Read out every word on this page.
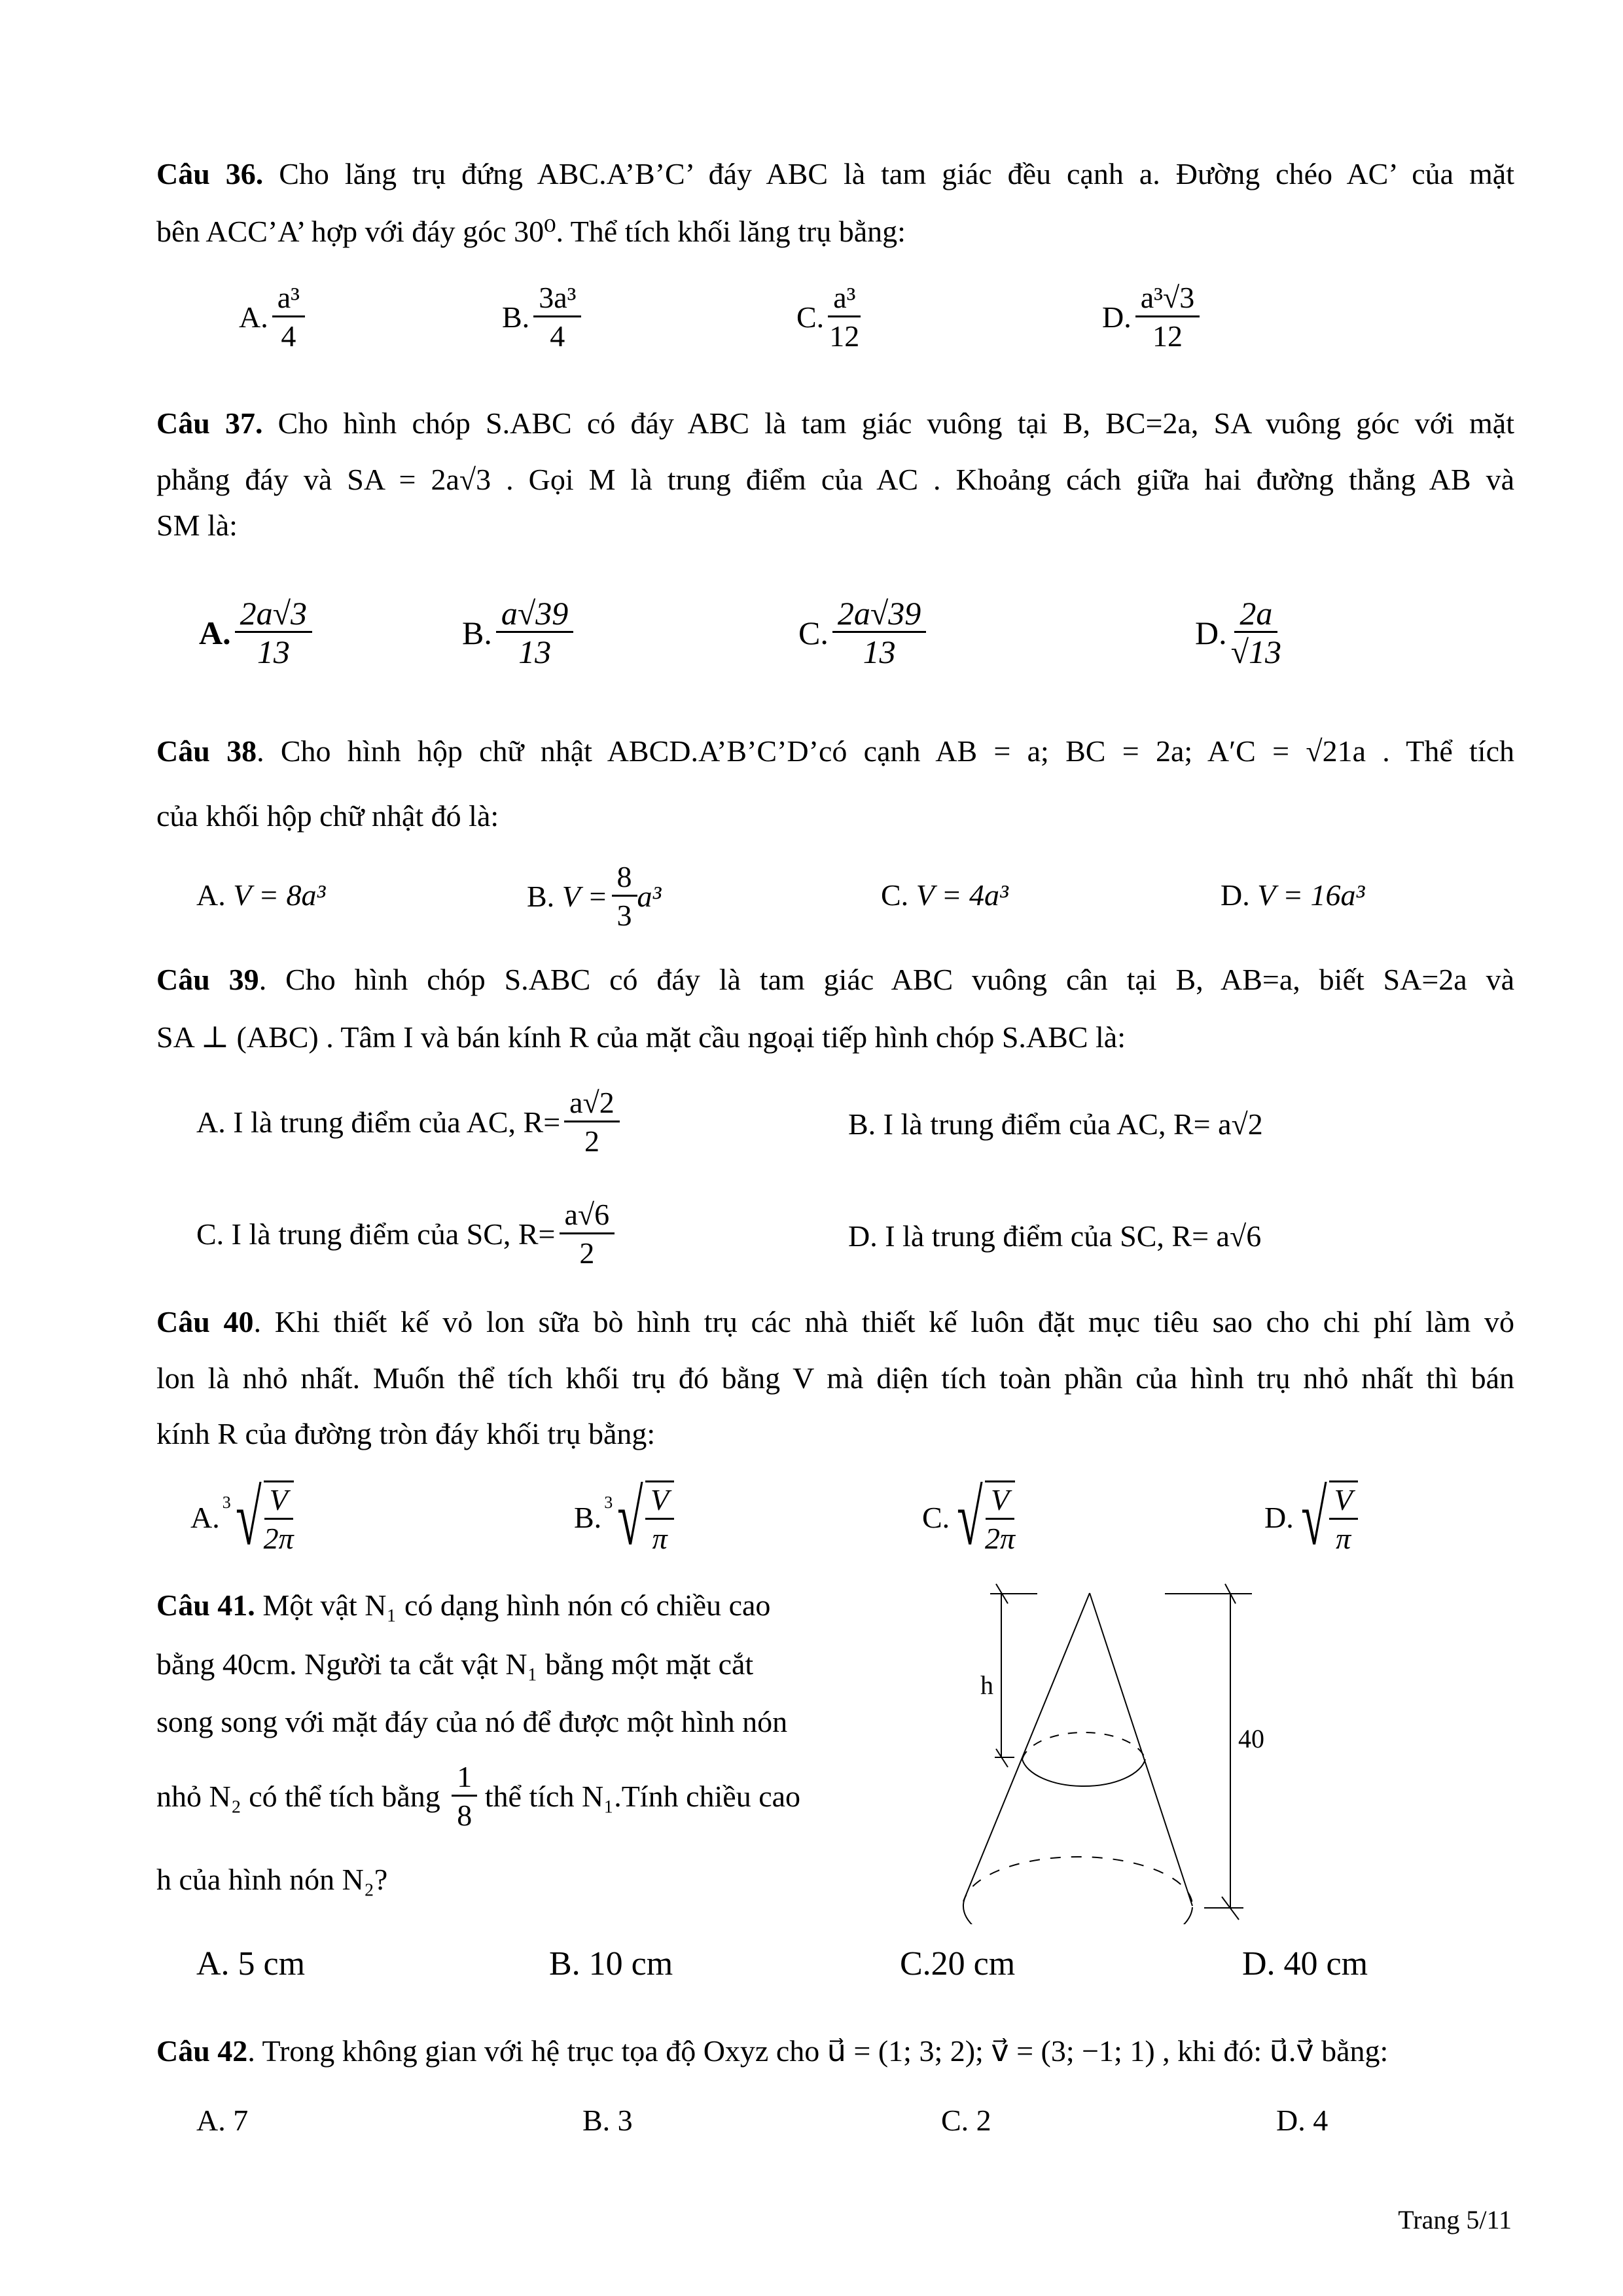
Câu 36. Cho lăng trụ đứng ABC.A’B’C’ đáy ABC là tam giác đều cạnh a. Đường chéo AC’ của mặt
bên ACC’A’ hợp với đáy góc 30⁰. Thể tích khối lăng trụ bằng:
A.
a³
4
B.
3a³
4
C.
a³
12
D.
a³√3
12
Câu 37. Cho hình chóp S.ABC có đáy ABC là tam giác vuông tại B, BC=2a, SA vuông góc với mặt
phẳng đáy và SA = 2a√3 . Gọi M là trung điểm của AC . Khoảng cách giữa hai đường thẳng AB và
SM là:
A.
2a√3
13
B.
a√39
13
C.
2a√39
13
D.
2a
√13
Câu 38. Cho hình hộp chữ nhật ABCD.A’B’C’D’có cạnh AB = a; BC = 2a; A′C = √21a . Thể tích
của khối hộp chữ nhật đó là:
A.
V = 8a³	B.
$V = \frac{8}{3} a^3$	C.
V = 4a³	D.
V = 16a³
Câu 39. Cho hình chóp S.ABC có đáy là tam giác ABC vuông cân tại B, AB=a, biết SA=2a và
SA ⊥ (ABC) . Tâm I và bán kính R của mặt cầu ngoại tiếp hình chóp S.ABC là:
A. I là trung điểm của AC, $R= \frac{a√2}{2}$	B. I là trung điểm của AC, R= a√2
C. I là trung điểm của SC, $R= \frac{a√6}{2}$	D. I là trung điểm của SC, R= a√6
Câu 40. Khi thiết kế vỏ lon sữa bò hình trụ các nhà thiết kế luôn đặt mục tiêu sao cho chi phí làm vỏ
lon là nhỏ nhất. Muốn thể tích khối trụ đó bằng V mà diện tích toàn phần của hình trụ nhỏ nhất thì bán
kính R của đường tròn đáy khối trụ bằng:
A. 3 √ V
2π
B. 3 √ V
π
C. √ V
2π
D. √ V
π
Câu 41. Một vật N₁ có dạng hình nón có chiều cao
bằng 40cm. Người ta cắt vật N₁ bằng một mặt cắt
song song với mặt đáy của nó để được một hình nón
nhỏ N₂ có thể tích bằng
1
8
thể tích N₁.Tính chiều cao
h của hình nón N₂?
h
40
A. 5 cm	B. 10 cm	C.20 cm	D. 40 cm
Câu 42. Trong không gian với hệ trục tọa độ Oxyz cho u⃗ = (1; 3; 2); v⃗ = (3; −1; 1) , khi đó: u⃗.v⃗ bằng:
A. 7	B. 3	C. 2	D. 4
Trang 5/11
